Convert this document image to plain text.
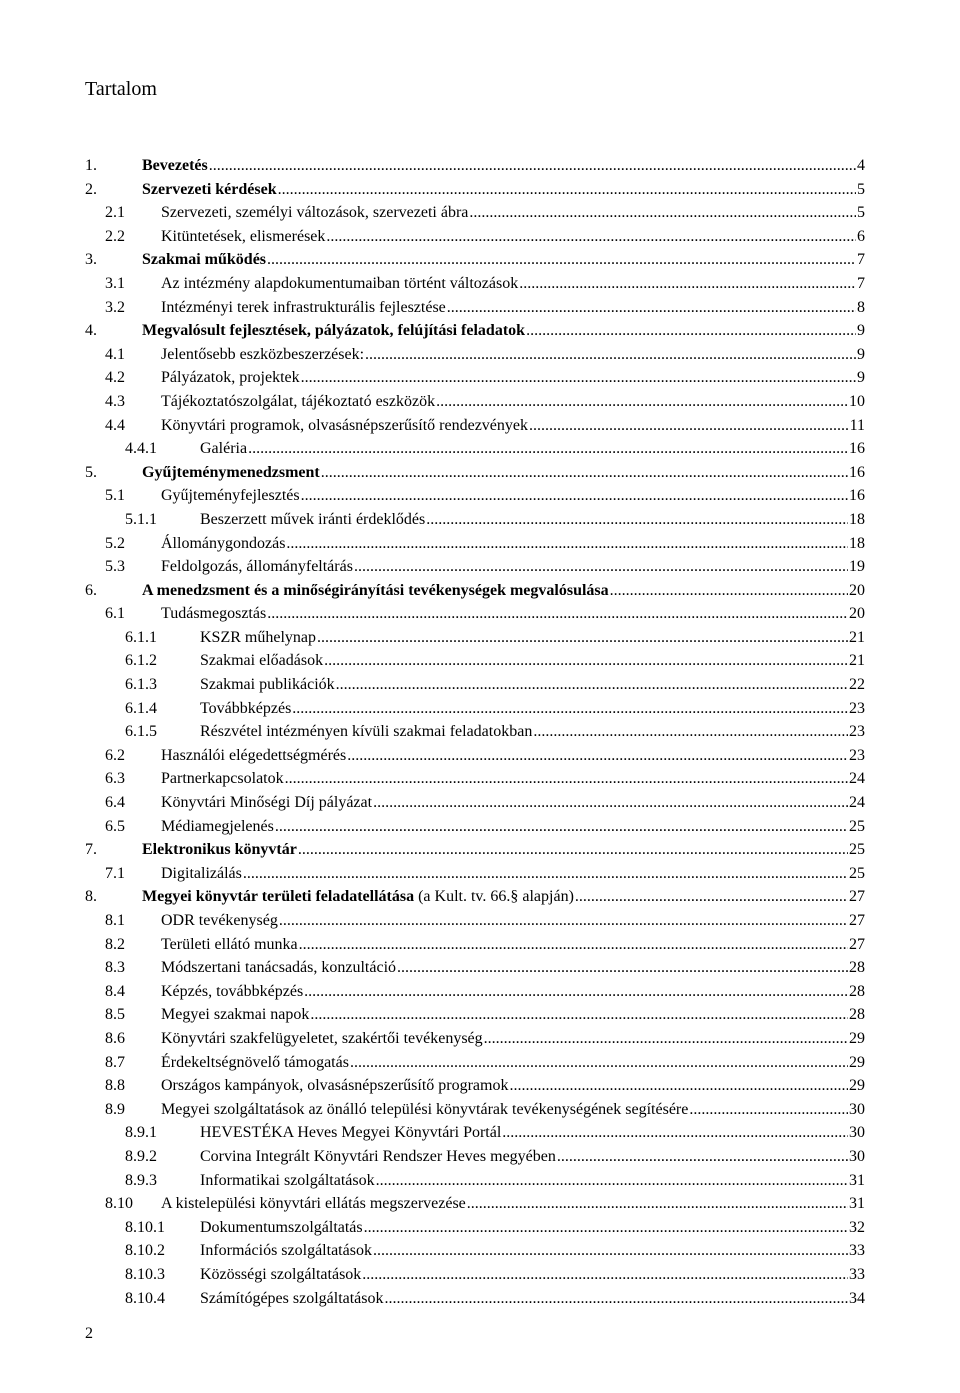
Tartalom
1.	Bevezetés .....	4
2.	Szervezeti kérdések .....	5
2.1	Szervezeti, személyi változások, szervezeti ábra .....	5
2.2	Kitüntetések, elismerések .....	6
3.	Szakmai működés .....	7
3.1	Az intézmény alapdokumentumaiban történt változások .....	7
3.2	Intézményi terek infrastrukturális fejlesztése .....	8
4.	Megvalósult fejlesztések, pályázatok, felújítási feladatok .....	9
4.1	Jelentősebb eszközbeszerzések: .....	9
4.2	Pályázatok, projektek .....	9
4.3	Tájékoztatószolgálat, tájékoztató eszközök .....	10
4.4	Könyvtári programok, olvasásnépszerűsítő rendezvények .....	11
4.4.1	Galéria .....	16
5.	Gyűjteménymenedzsment .....	16
5.1	Gyűjteményfejlesztés .....	16
5.1.1	Beszerzett művek iránti érdeklődés .....	18
5.2	Állománygondozás .....	18
5.3	Feldolgozás, állományfeltárás .....	19
6.	A menedzsment és a minőségirányítási tevékenységek megvalósulása .....	20
6.1	Tudásmegosztás .....	20
6.1.1	KSZR műhelynap .....	21
6.1.2	Szakmai előadások .....	21
6.1.3	Szakmai publikációk .....	22
6.1.4	Továbbképzés .....	23
6.1.5	Részvétel intézményen kívüli szakmai feladatokban .....	23
6.2	Használói elégedettségmérés .....	23
6.3	Partnerkapcsolatok .....	24
6.4	Könyvtári Minőségi Díj pályázat .....	24
6.5	Médiamegjelenés .....	25
7.	Elektronikus könyvtár .....	25
7.1	Digitalizálás .....	25
8.	Megyei könyvtár területi feladatellátása (a Kult. tv. 66.§ alapján) .....	27
8.1	ODR tevékenység .....	27
8.2	Területi ellátó munka .....	27
8.3	Módszertani tanácsadás, konzultáció .....	28
8.4	Képzés, továbbképzés .....	28
8.5	Megyei szakmai napok .....	28
8.6	Könyvtári szakfelügyeletet, szakértői tevékenység .....	29
8.7	Érdekeltségnövelő támogatás .....	29
8.8	Országos kampányok, olvasásnépszerűsítő programok .....	29
8.9	Megyei szolgáltatások az önálló települési könyvtárak tevékenységének segítésére .....	30
8.9.1	HEVESTÉKA Heves Megyei Könyvtári Portál .....	30
8.9.2	Corvina Integrált Könyvtári Rendszer Heves megyében .....	30
8.9.3	Informatikai szolgáltatások .....	31
8.10	A kistelepülési könyvtári ellátás megszervezése .....	31
8.10.1	Dokumentumszolgáltatás .....	32
8.10.2	Információs szolgáltatások .....	33
8.10.3	Közösségi szolgáltatások .....	33
8.10.4	Számítógépes szolgáltatások .....	34
2
